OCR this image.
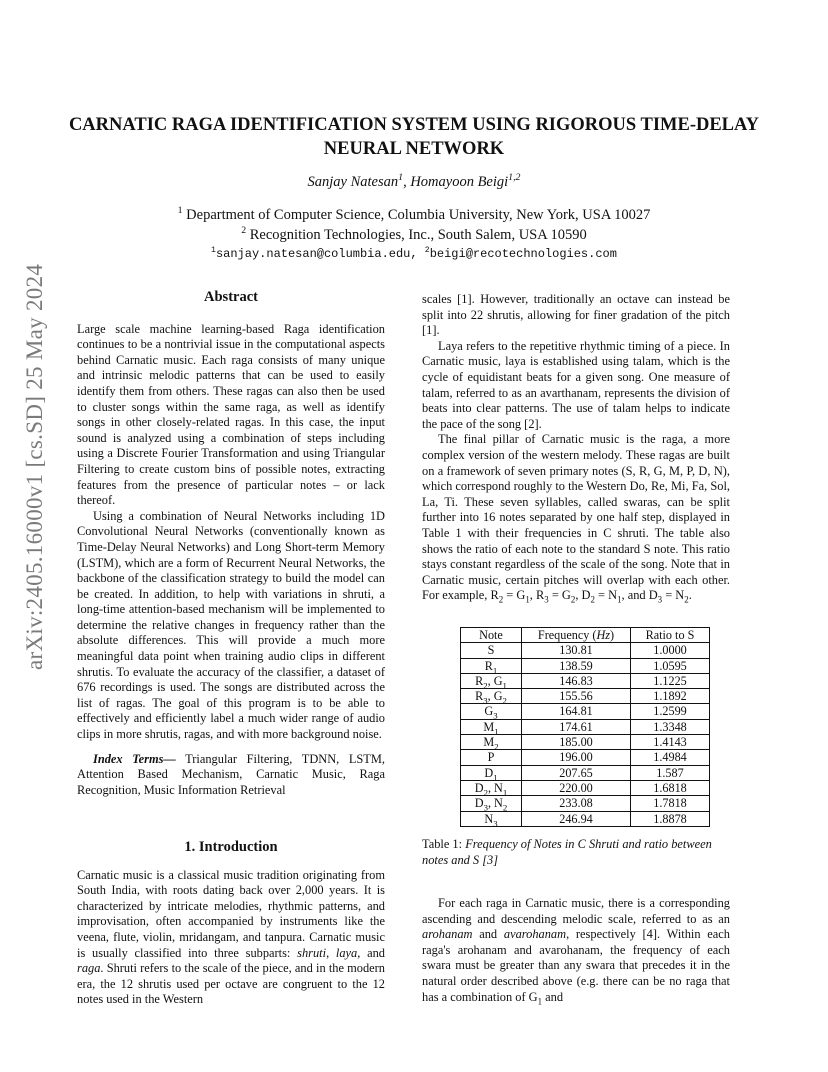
CARNATIC RAGA IDENTIFICATION SYSTEM USING RIGOROUS TIME-DELAY NEURAL NETWORK
Sanjay Natesan$^1$, Homayoon Beigi$^{1,2}$
$^1$ Department of Computer Science, Columbia University, New York, USA 10027
$^2$ Recognition Technologies, Inc., South Salem, USA 10590
$^1$sanjay.natesan@columbia.edu, $^2$beigi@recotechnologies.com
arXiv:2405.16000v1 [cs.SD] 25 May 2024	Abstract

Large scale machine learning-based Raga identification continues to be a nontrivial issue in the computational aspects behind Carnatic music. Each raga consists of many unique and intrinsic melodic patterns that can be used to easily identify them from others. These ragas can also then be used to cluster songs within the same raga, as well as identify songs in other closely-related ragas. In this case, the input sound is analyzed using a combination of steps including using a Discrete Fourier Transformation and using Triangular Filtering to create custom bins of possible notes, extracting features from the presence of particular notes – or lack thereof.

Using a combination of Neural Networks including 1D Convolutional Neural Networks (conventionally known as Time-Delay Neural Networks) and Long Short-term Memory (LSTM), which are a form of Recurrent Neural Networks, the backbone of the classification strategy to build the model can be created. In addition, to help with variations in shruti, a long-time attention-based mechanism will be implemented to determine the relative changes in frequency rather than the absolute differences. This will provide a much more meaningful data point when training audio clips in different shrutis. To evaluate the accuracy of the classifier, a dataset of 676 recordings is used. The songs are distributed across the list of ragas. The goal of this program is to be able to effectively and efficiently label a much wider range of audio clips in more shrutis, ragas, and with more background noise.

Index Terms— Triangular Filtering, TDNN, LSTM, Attention Based Mechanism, Carnatic Music, Raga Recognition, Music Information Retrieval

1. Introduction

Carnatic music is a classical music tradition originating from South India, with roots dating back over 2,000 years. It is characterized by intricate melodies, rhythmic patterns, and improvisation, often accompanied by instruments like the veena, flute, violin, mridangam, and tanpura. Carnatic music is usually classified into three subparts: shruti, laya, and raga. Shruti refers to the scale of the piece, and in the modern era, the 12 shrutis used per octave are congruent to the 12 notes used in the Western

scales [1]. However, traditionally an octave can instead be split into 22 shrutis, allowing for finer gradation of the pitch [1].

Laya refers to the repetitive rhythmic timing of a piece. In Carnatic music, laya is established using talam, which is the cycle of equidistant beats for a given song. One measure of talam, referred to as an avarthanam, represents the division of beats into clear patterns. The use of talam helps to indicate the pace of the song [2].

The final pillar of Carnatic music is the raga, a more complex version of the western melody. These ragas are built on a framework of seven primary notes (S, R, G, M, P, D, N), which correspond roughly to the Western Do, Re, Mi, Fa, Sol, La, Ti. These seven syllables, called swaras, can be split further into 16 notes separated by one half step, displayed in Table 1 with their frequencies in C shruti. The table also shows the ratio of each note to the standard S note. This ratio stays constant regardless of the scale of the song. Note that in Carnatic music, certain pitches will overlap with each other. For example, $R_2 = G_1$, $R_3 = G_2$, $D_2 = N_1$, and $D_3 = N_2$.

Note	Frequency (Hz)	Ratio to S
S	130.81	1.0000
$R_1$	138.59	1.0595
$R_2$, $G_1$	146.83	1.1225
$R_3$, $G_2$	155.56	1.1892
$G_3$	164.81	1.2599
$M_1$	174.61	1.3348
$M_2$	185.00	1.4143
P	196.00	1.4984
$D_1$	207.65	1.587
$D_2$, $N_1$	220.00	1.6818
$D_3$, $N_2$	233.08	1.7818
$N_3$	246.94	1.8878
Table 1: Frequency of Notes in C Shruti and ratio between notes and S [3]

For each raga in Carnatic music, there is a corresponding ascending and descending melodic scale, referred to as an arohanam and avarohanam, respectively [4]. Within each raga's arohanam and avarohanam, the frequency of each swara must be greater than any swara that precedes it in the natural order described above (e.g. there can be no raga that has a combination of $G_1$ and
